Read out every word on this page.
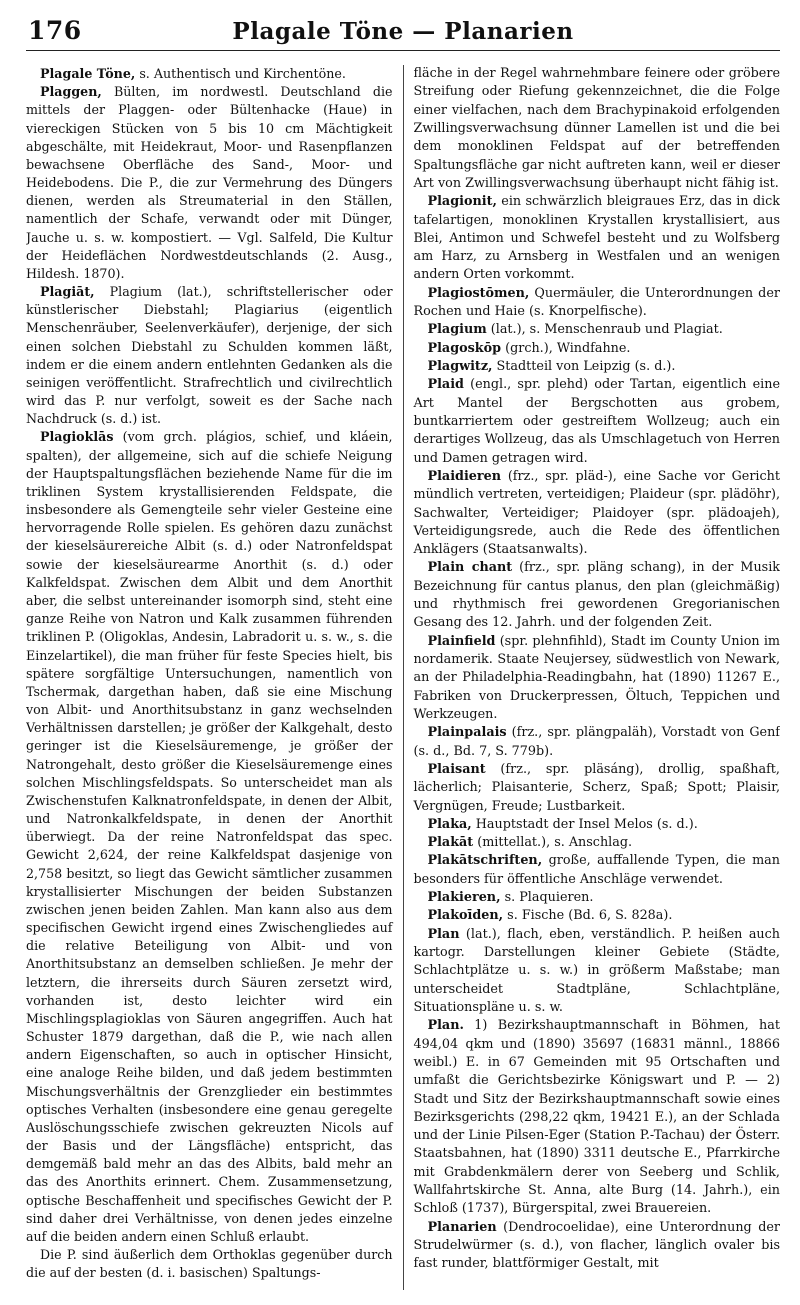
176	Plagale Töne — Planarien

Plagale Töne, s. Authentisch und Kirchentöne.

Plaggen, Bülten, im nordwestl. Deutschland die mittels der Plaggen- oder Bültenhacke (Haue) in viereckigen Stücken von 5 bis 10 cm Mächtigkeit abgeschälte, mit Heidekraut, Moor- und Rasenpflanzen bewachsene Oberfläche des Sand-, Moor- und Heidebodens. Die P., die zur Vermehrung des Düngers dienen, werden als Streumaterial in den Ställen, namentlich der Schafe, verwandt oder mit Dünger, Jauche u. s. w. kompostiert. — Vgl. Salfeld, Die Kultur der Heideflächen Nordwestdeutschlands (2. Ausg., Hildesh. 1870).

Plagiāt, Plagium (lat.), schriftstellerischer oder künstlerischer Diebstahl; Plagiarius (eigentlich Menschenräuber, Seelenverkäufer), derjenige, der sich einen solchen Diebstahl zu Schulden kommen läßt, indem er die einem andern entlehnten Gedanken als die seinigen veröffentlicht. Strafrechtlich und civilrechtlich wird das P. nur verfolgt, soweit es der Sache nach Nachdruck (s. d.) ist.

Plagioklās (vom grch. plágios, schief, und kláein, spalten), der allgemeine, sich auf die schiefe Neigung der Hauptspaltungsflächen beziehende Name für die im triklinen System krystallisierenden Feldspate, die insbesondere als Gemengteile sehr vieler Gesteine eine hervorragende Rolle spielen. Es gehören dazu zunächst der kieselsäurereiche Albit (s. d.) oder Natronfeldspat sowie der kieselsäurearme Anorthit (s. d.) oder Kalkfeldspat. Zwischen dem Albit und dem Anorthit aber, die selbst untereinander isomorph sind, steht eine ganze Reihe von Natron und Kalk zusammen führenden triklinen P. (Oligoklas, Andesin, Labradorit u. s. w., s. die Einzelartikel), die man früher für feste Species hielt, bis spätere sorgfältige Untersuchungen, namentlich von Tschermak, dargethan haben, daß sie eine Mischung von Albit- und Anorthitsubstanz in ganz wechselnden Verhältnissen darstellen; je größer der Kalkgehalt, desto geringer ist die Kieselsäuremenge, je größer der Natrongehalt, desto größer die Kieselsäuremenge eines solchen Mischlingsfeldspats. So unterscheidet man als Zwischenstufen Kalknatronfeldspate, in denen der Albit, und Natronkalkfeldspate, in denen der Anorthit überwiegt. Da der reine Natronfeldspat das spec. Gewicht 2,624, der reine Kalkfeldspat dasjenige von 2,758 besitzt, so liegt das Gewicht sämtlicher zusammen krystallisierter Mischungen der beiden Substanzen zwischen jenen beiden Zahlen. Man kann also aus dem specifischen Gewicht irgend eines Zwischengliedes auf die relative Beteiligung von Albit- und von Anorthitsubstanz an demselben schließen. Je mehr der letztern, die ihrerseits durch Säuren zersetzt wird, vorhanden ist, desto leichter wird ein Mischlingsplagioklas von Säuren angegriffen. Auch hat Schuster 1879 dargethan, daß die P., wie nach allen andern Eigenschaften, so auch in optischer Hinsicht, eine analoge Reihe bilden, und daß jedem bestimmten Mischungsverhältnis der Grenzglieder ein bestimmtes optisches Verhalten (insbesondere eine genau geregelte Auslöschungsschiefe zwischen gekreuzten Nicols auf der Basis und der Längsfläche) entspricht, das demgemäß bald mehr an das des Albits, bald mehr an das des Anorthits erinnert. Chem. Zusammensetzung, optische Beschaffenheit und specifisches Gewicht der P. sind daher drei Verhältnisse, von denen jedes einzelne auf die beiden andern einen Schluß erlaubt.

Die P. sind äußerlich dem Orthoklas gegenüber durch die auf der besten (d. i. basischen) Spaltungs-

fläche in der Regel wahrnehmbare feinere oder gröbere Streifung oder Riefung gekennzeichnet, die die Folge einer vielfachen, nach dem Brachypinakoid erfolgenden Zwillingsverwachsung dünner Lamellen ist und die bei dem monoklinen Feldspat auf der betreffenden Spaltungsfläche gar nicht auftreten kann, weil er dieser Art von Zwillingsverwachsung überhaupt nicht fähig ist.

Plagionit, ein schwärzlich bleigraues Erz, das in dick tafelartigen, monoklinen Krystallen krystallisiert, aus Blei, Antimon und Schwefel besteht und zu Wolfsberg am Harz, zu Arnsberg in Westfalen und an wenigen andern Orten vorkommt.

Plagiostōmen, Quermäuler, die Unterordnungen der Rochen und Haie (s. Knorpelfische).

Plagium (lat.), s. Menschenraub und Plagiat.

Plagoskōp (grch.), Windfahne.

Plagwitz, Stadtteil von Leipzig (s. d.).

Plaid (engl., spr. plehd) oder Tartan, eigentlich eine Art Mantel der Bergschotten aus grobem, buntkarriertem oder gestreiftem Wollzeug; auch ein derartiges Wollzeug, das als Umschlagetuch von Herren und Damen getragen wird.

Plaidieren (frz., spr. pläd-), eine Sache vor Gericht mündlich vertreten, verteidigen; Plaideur (spr. plädöhr), Sachwalter, Verteidiger; Plaidoyer (spr. plädoajeh), Verteidigungsrede, auch die Rede des öffentlichen Anklägers (Staatsanwalts).

Plain chant (frz., spr. pläng schang), in der Musik Bezeichnung für cantus planus, den plan (gleichmäßig) und rhythmisch frei gewordenen Gregorianischen Gesang des 12. Jahrh. und der folgenden Zeit.

Plainfield (spr. plehnfihld), Stadt im County Union im nordamerik. Staate Neujersey, südwestlich von Newark, an der Philadelphia-Readingbahn, hat (1890) 11267 E., Fabriken von Druckerpressen, Öltuch, Teppichen und Werkzeugen.

Plainpalais (frz., spr. plängpaläh), Vorstadt von Genf (s. d., Bd. 7, S. 779b).

Plaisant (frz., spr. pläsáng), drollig, spaßhaft, lächerlich; Plaisanterie, Scherz, Spaß; Spott; Plaisir, Vergnügen, Freude; Lustbarkeit.

Plaka, Hauptstadt der Insel Melos (s. d.).

Plakāt (mittellat.), s. Anschlag.

Plakātschriften, große, auffallende Typen, die man besonders für öffentliche Anschläge verwendet.

Plakieren, s. Plaquieren.

Plakoīden, s. Fische (Bd. 6, S. 828a).

Plan (lat.), flach, eben, verständlich. P. heißen auch kartogr. Darstellungen kleiner Gebiete (Städte, Schlachtplätze u. s. w.) in größerm Maßstabe; man unterscheidet Stadtpläne, Schlachtpläne, Situationspläne u. s. w.

Plan. 1) Bezirkshauptmannschaft in Böhmen, hat 494,04 qkm und (1890) 35697 (16831 männl., 18866 weibl.) E. in 67 Gemeinden mit 95 Ortschaften und umfaßt die Gerichtsbezirke Königswart und P. — 2) Stadt und Sitz der Bezirkshauptmannschaft sowie eines Bezirksgerichts (298,22 qkm, 19421 E.), an der Schlada und der Linie Pilsen-Eger (Station P.-Tachau) der Österr. Staatsbahnen, hat (1890) 3311 deutsche E., Pfarrkirche mit Grabdenkmälern derer von Seeberg und Schlik, Wallfahrtskirche St. Anna, alte Burg (14. Jahrh.), ein Schloß (1737), Bürgerspital, zwei Brauereien.

Planarien (Dendrocoelidae), eine Unterordnung der Strudelwürmer (s. d.), von flacher, länglich ovaler bis fast runder, blattförmiger Gestalt, mit
